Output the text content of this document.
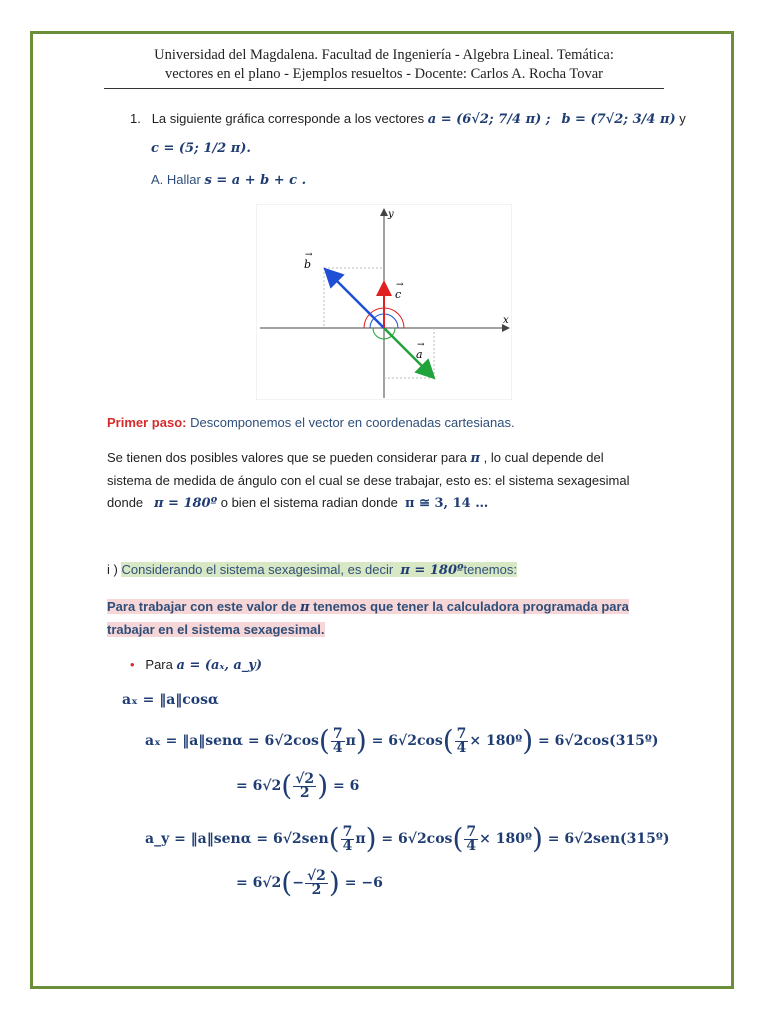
Universidad del Magdalena. Facultad de Ingeniería - Algebra Lineal. Temática:
vectores en el plano - Ejemplos resueltos - Docente: Carlos A. Rocha Tovar
1. La siguiente gráfica corresponde a los vectores a = (6√2; 7/4 π) ; b = (7√2; 3/4 π) y
c = (5; 1/2 π).
A. Hallar s = a + b + c .
x
y
a
b
c
→
→
→
Primer paso: Descomponemos el vector en coordenadas cartesianas.
Se tienen dos posibles valores que se pueden considerar para π , lo cual depende del
sistema de medida de ángulo con el cual se dese trabajar, esto es: el sistema sexagesimal
donde π = 180º o bien el sistema radian donde π ≅ 3, 14 …
i ) Considerando el sistema sexagesimal, es decir π = 180ºtenemos:
Para trabajar con este valor de π tenemos que tener la calculadora programada para
trabajar en el sistema sexagesimal.
• Para a = (aₓ, a_y)
aₓ = ‖a‖cosα
aₓ = ‖a‖senα = $6√2\cos( \frac{7}{4} \pi) = 6√2\cos( \frac{7}{4}$ × 180º) = 6√2cos(315º)
= $6√2( \frac{√2}{2}$ ) = 6
a_y = ‖a‖senα = $6√2sen( \frac{7}{4} \pi) = 6√2\cos( \frac{7}{4}$ × 180º) = 6√2sen(315º)
= $6√2(- \frac{√2}{2}$ ) = −6
